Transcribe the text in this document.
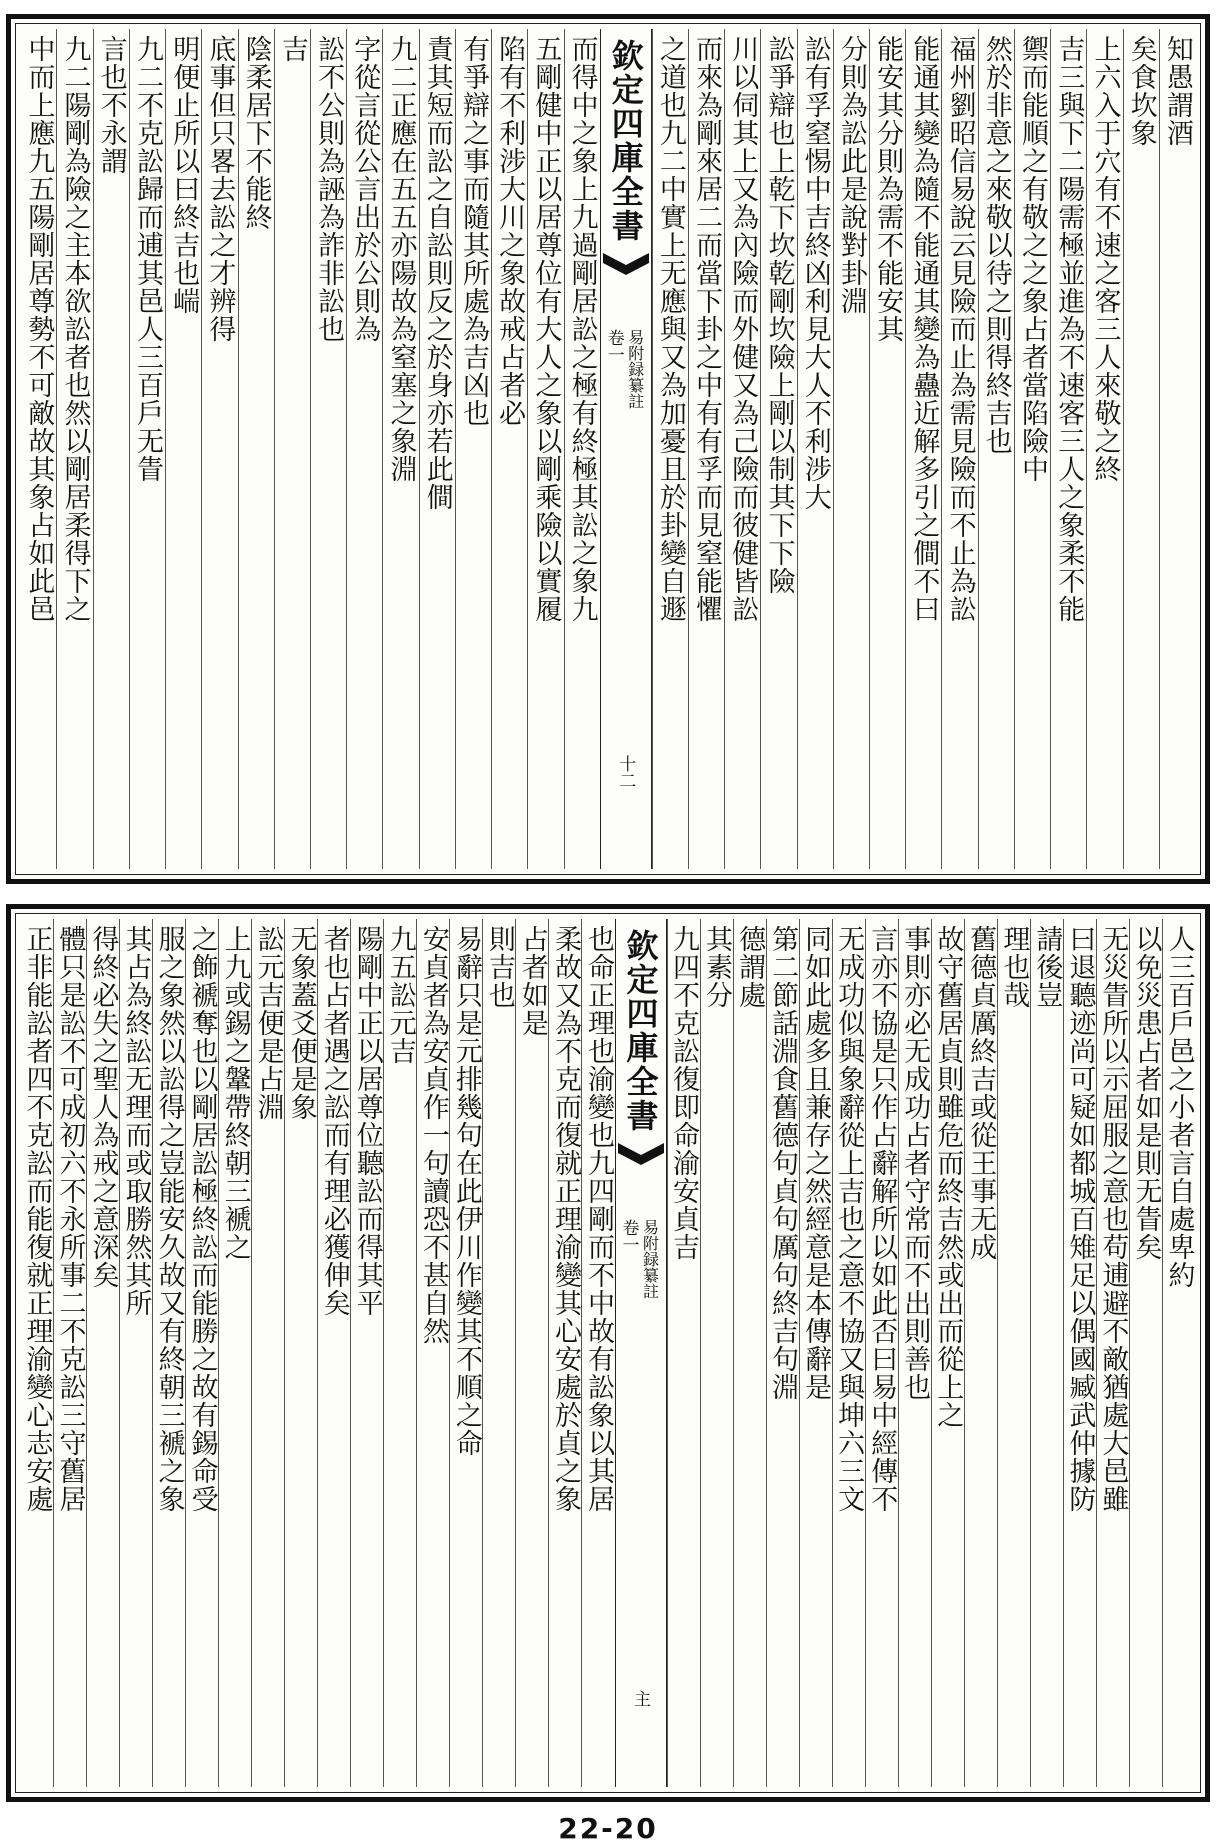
知愚謂酒
矣食坎象
上六入于穴有不速之客三人來敬之終
吉三與下二陽需極並進為不速客三人之象柔不能
禦而能順之有敬之之象占者當陷險中
然於非意之來敬以待之則得終吉也
福州劉昭信易說云見險而止為需見險而不止為訟
能通其變為隨不能通其變為蠱近解多引之僴不曰
能安其分則為需不能安其
分則為訟此是說對卦淵
訟有孚窒惕中吉終凶利見大人不利涉大
訟爭辯也上乾下坎乾剛坎險上剛以制其下下險
川以伺其上又為內險而外健又為己險而彼健皆訟
而來為剛來居二而當下卦之中有有孚而見窒能懼
之道也九二中實上无應與又為加憂且於卦變自遯
欽定四庫全書
卷一 易附録纂註
十二
而得中之象上九過剛居訟之極有終極其訟之象九
五剛健中正以居尊位有大人之象以剛乘險以實履
陷有不利涉大川之象故戒占者必
有爭辯之事而隨其所處為吉凶也
責其短而訟之自訟則反之於身亦若此僴
九二正應在五五亦陽故為窒塞之象淵
字從言從公言出於公則為
訟不公則為誣為詐非訟也
吉
陰柔居下不能終
底事但只畧去訟之才辨得
明便止所以曰終吉也㟨
九二不克訟歸而逋其邑人三百戶无眚
言也不永謂
九二陽剛為險之主本欲訟者也然以剛居柔得下之
中而上應九五陽剛居尊勢不可敵故其象占如此邑
人三百戶邑之小者言自處卑約
以免災患占者如是則无眚矣
无災眚所以示屈服之意也苟逋避不敵猶處大邑雖
曰退聽迹尚可疑如都城百雉足以偶國臧武仲據防
請後豈
理也哉
舊德貞厲終吉或從王事无成
故守舊居貞則雖危而終吉然或出而從上之
事則亦必无成功占者守常而不出則善也
言亦不協是只作占辭解所以如此否曰易中經傳不
无成功似與象辭從上吉也之意不協又與坤六三文
同如此處多且兼存之然經意是本傳辭是
第二節話淵食舊德句貞句厲句終吉句淵
德謂處
其素分
九四不克訟復即命渝安貞吉
欽定四庫全書
卷一 易附録纂註
主
也命正理也渝變也九四剛而不中故有訟象以其居
柔故又為不克而復就正理渝變其心安處於貞之象
占者如是
則吉也
易辭只是元排幾句在此伊川作變其不順之命
安貞者為安貞作一句讀恐不甚自然
九五訟元吉
陽剛中正以居尊位聽訟而得其平
者也占者遇之訟而有理必獲伸矣
无象蓋爻便是象
訟元吉便是占淵
上九或錫之鞶帶終朝三褫之
之飾褫奪也以剛居訟極終訟而能勝之故有錫命受
服之象然以訟得之豈能安久故又有終朝三褫之象
其占為終訟无理而或取勝然其所
得終必失之聖人為戒之意深矣
體只是訟不可成初六不永所事二不克訟三守舊居
正非能訟者四不克訟而能復就正理渝變心志安處
22-20
